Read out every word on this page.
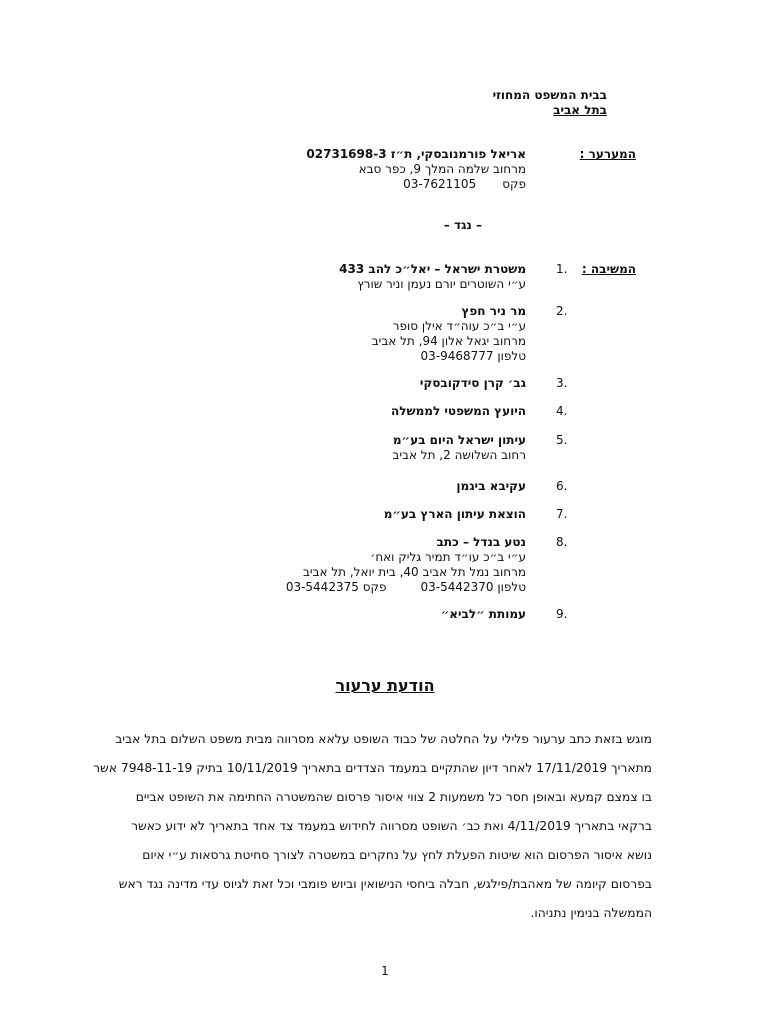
בבית המשפט המחוזי
בתל אביב
המערער :
אריאל פורמנובסקי, ת״ז 02731698-3
מרחוב שלמה המלך 9, כפר סבא
פקס03-7621105
– נגד –
המשיבה :
1.
משטרת ישראל – יאל״כ להב 433
ע״י השוטרים יורם נעמן וניר שורץ
2.
מר ניר חפץ
ע״י ב״כ עוה״ד אילן סופר
מרחוב יגאל אלון 94, תל אביב
טלפון 03-9468777
3.
גב׳ קרן סידקובסקי
4.
היועץ המשפטי לממשלה
5.
עיתון ישראל היום בע״מ
רחוב השלושה 2, תל אביב
6.
עקיבא ביגמן
7.
הוצאת עיתון הארץ בע״מ
8.
נטע בנדל – כתב
ע״י ב״כ עו״ד תמיר גליק ואח׳
מרחוב נמל תל אביב 40, בית יואל, תל אביב
טלפון 03-5442370פקס 03-5442375
9.
עמותת ״לביא״
הודעת ערעור
מוגש בזאת כתב ערעור פלילי על החלטה של כבוד השופט עלאא מסרווה מבית משפט השלום בתל אביב
מתאריך 17/11/2019 לאחר דיון שהתקיים במעמד הצדדים בתאריך 10/11/2019 בתיק 7948-11-19 אשר
בו צמצם קמעא ובאופן חסר כל משמעות 2 צווי איסור פרסום שהמשטרה החתימה את השופט אביים
ברקאי בתאריך 4/11/2019 ואת כב׳ השופט מסרווה לחידוש במעמד צד אחד בתאריך לא ידוע כאשר
נושא איסור הפרסום הוא שיטות הפעלת לחץ על נחקרים במשטרה לצורך סחיטת גרסאות ע״י איום
בפרסום קיומה של מאהבת/פילגש, חבלה ביחסי הנישואין וביוש פומבי וכל זאת לגיוס עדי מדינה נגד ראש
הממשלה בנימין נתניהו.
1
